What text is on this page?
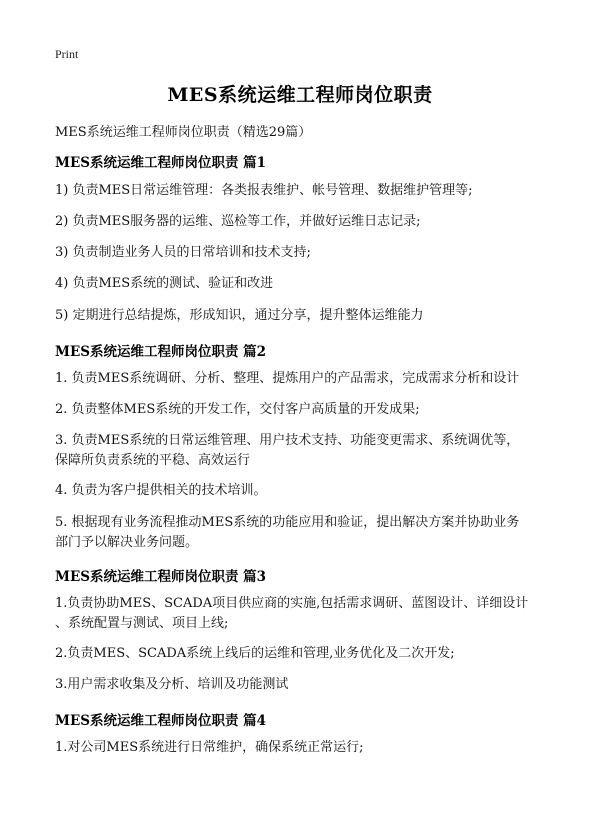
Print
MES系统运维工程师岗位职责
MES系统运维工程师岗位职责（精选29篇）
MES系统运维工程师岗位职责 篇1
1) 负责MES日常运维管理：各类报表维护、帐号管理、数据维护管理等;
2) 负责MES服务器的运维、巡检等工作，并做好运维日志记录;
3) 负责制造业务人员的日常培训和技术支持;
4) 负责MES系统的测试、验证和改进
5) 定期进行总结提炼，形成知识，通过分享，提升整体运维能力
MES系统运维工程师岗位职责 篇2
1. 负责MES系统调研、分析、整理、提炼用户的产品需求，完成需求分析和设计
2. 负责整体MES系统的开发工作，交付客户高质量的开发成果;
3. 负责MES系统的日常运维管理、用户技术支持、功能变更需求、系统调优等，
保障所负责系统的平稳、高效运行
4. 负责为客户提供相关的技术培训。
5. 根据现有业务流程推动MES系统的功能应用和验证，提出解决方案并协助业务
部门予以解决业务问题。
MES系统运维工程师岗位职责 篇3
1.负责协助MES、SCADA项目供应商的实施,包括需求调研、蓝图设计、详细设计
、系统配置与测试、项目上线;
2.负责MES、SCADA系统上线后的运维和管理,业务优化及二次开发;
3.用户需求收集及分析、培训及功能测试
MES系统运维工程师岗位职责 篇4
1.对公司MES系统进行日常维护，确保系统正常运行;
